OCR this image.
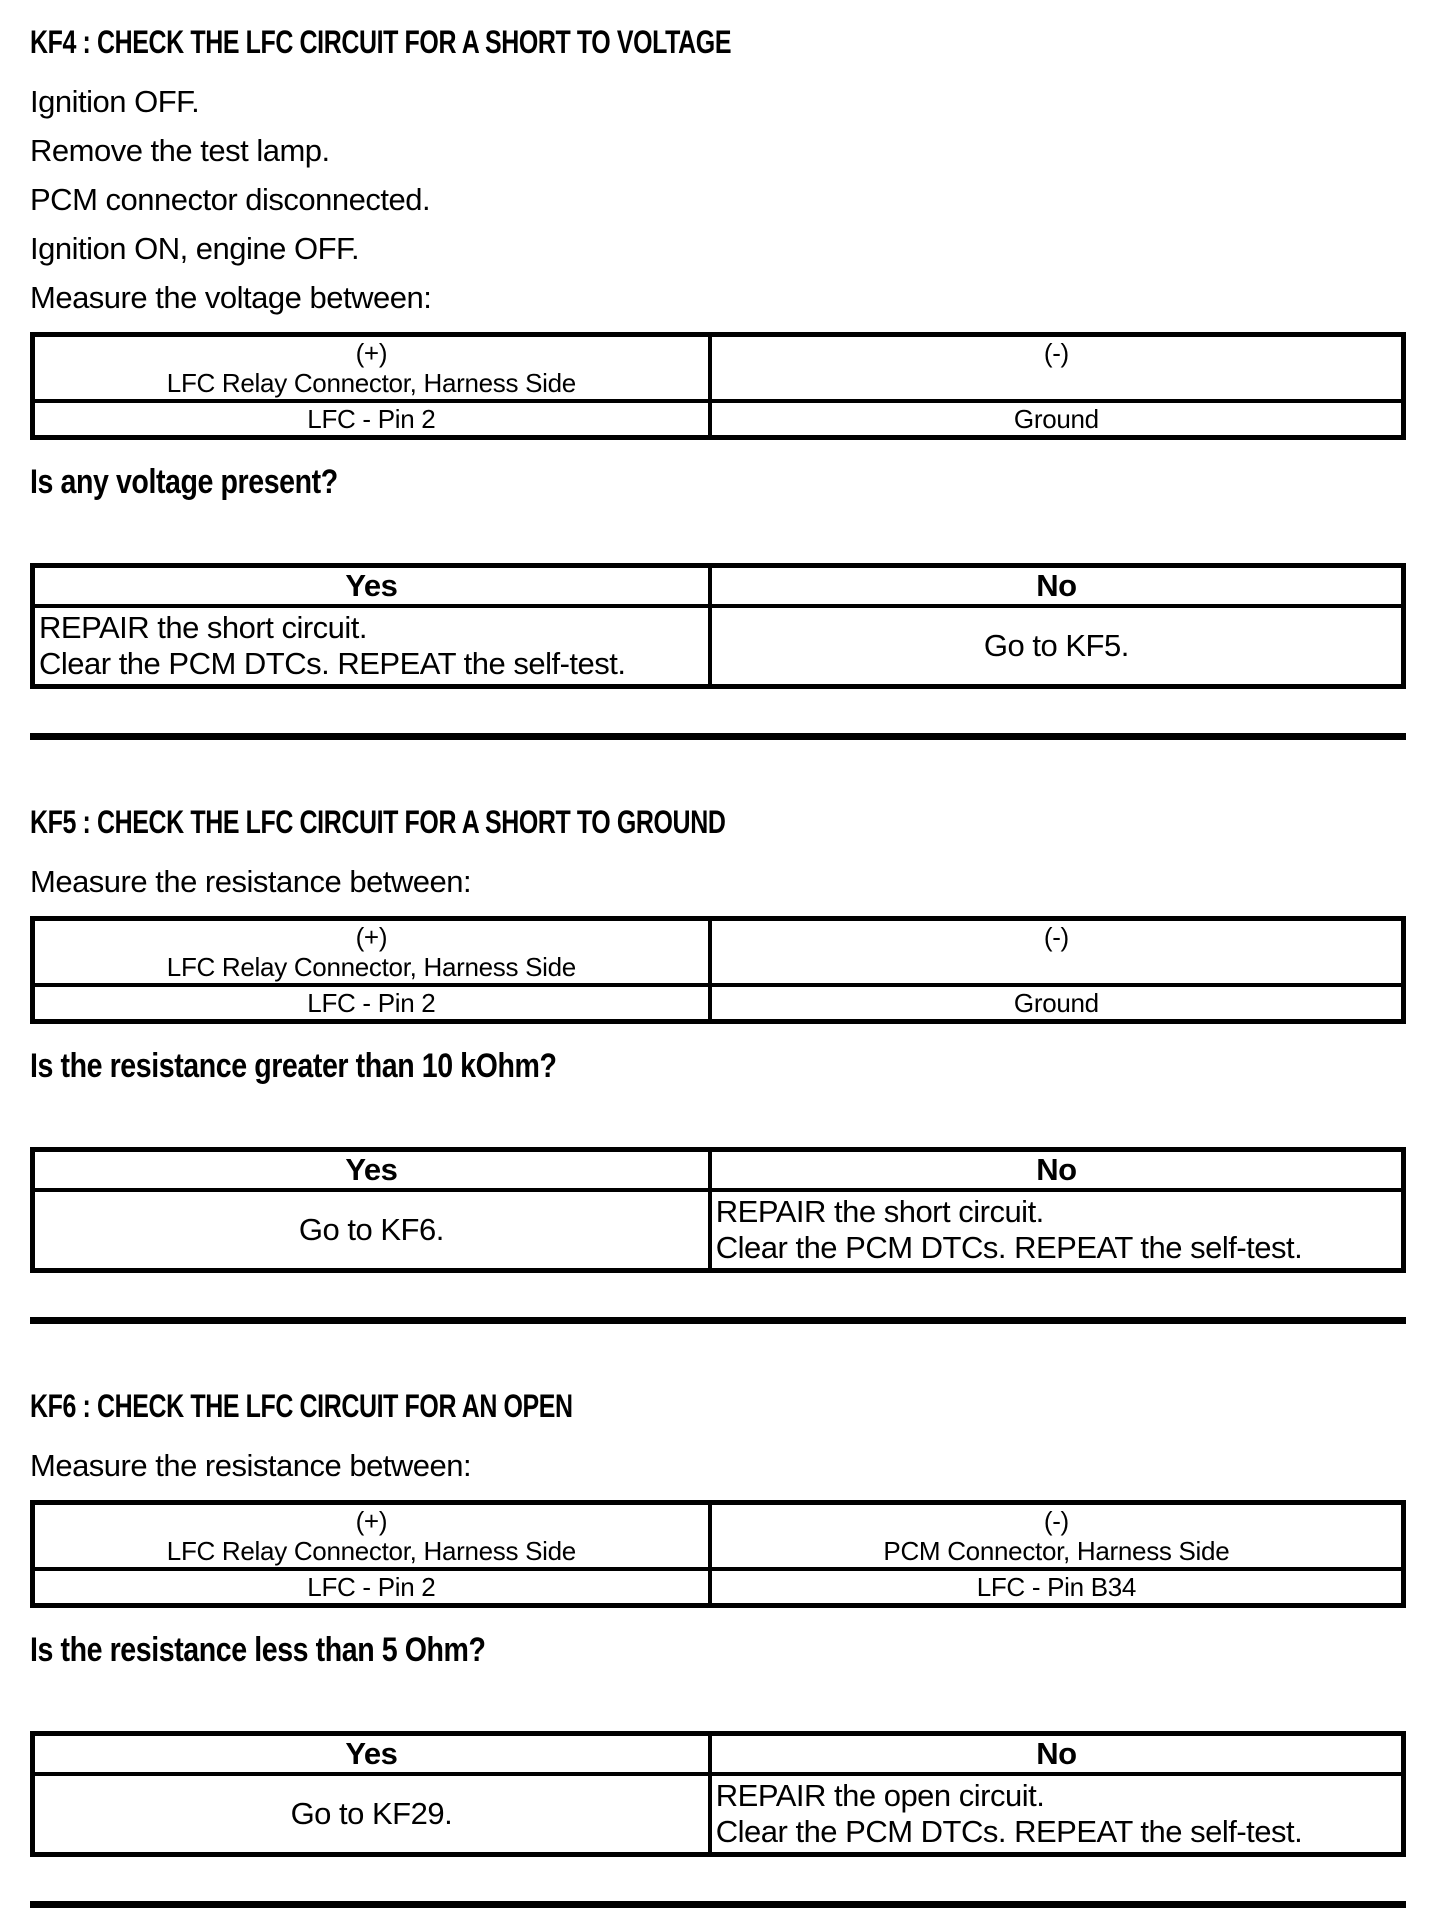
KF4 : CHECK THE LFC CIRCUIT FOR A SHORT TO VOLTAGE
Ignition OFF.
Remove the test lamp.
PCM connector disconnected.
Ignition ON, engine OFF.
Measure the voltage between:
(+)
LFC Relay Connector, Harness Side	(-)

LFC - Pin 2	Ground
Is any voltage present?
Yes	No

REPAIR the short circuit.
Clear the PCM DTCs. REPEAT the self-test.	Go to KF5.
KF5 : CHECK THE LFC CIRCUIT FOR A SHORT TO GROUND
Measure the resistance between:
(+)
LFC Relay Connector, Harness Side	(-)

LFC - Pin 2	Ground
Is the resistance greater than 10 kOhm?
Yes	No

Go to KF6.	REPAIR the short circuit.
Clear the PCM DTCs. REPEAT the self-test.
KF6 : CHECK THE LFC CIRCUIT FOR AN OPEN
Measure the resistance between:
(+)
LFC Relay Connector, Harness Side

(-)
PCM Connector, Harness Side

LFC - Pin 2	LFC - Pin B34
Is the resistance less than 5 Ohm?
Yes	No

Go to KF29.	REPAIR the open circuit.
Clear the PCM DTCs. REPEAT the self-test.
